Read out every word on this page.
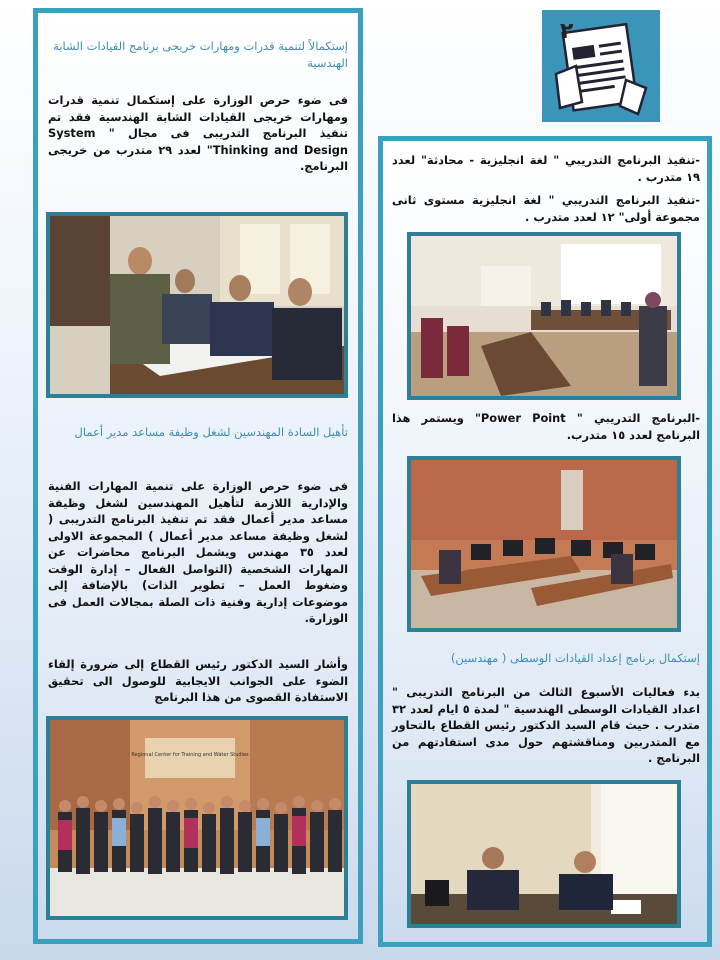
٢

إستكمالاً لتنمية قدرات ومهارات خريجى برنامج القيادات الشابة الهندسية

فى ضوء حرص الوزارة على إستكمال تنمية قدرات ومهارات خريجى القيادات الشابة الهندسية فقد تم تنفيذ البرنامج التدريبى فى مجال " System Thinking and Design" لعدد ٢٩ متدرب من خريجى البرنامج.

تأهيل السادة المهندسين لشغل وظيفة مساعد مدير أعمال

فى ضوء حرص الوزارة على تنمية المهارات الفنية والإدارية اللازمة لتأهيل المهندسين لشغل وظيفة مساعد مدير أعمال فقد تم تنفيذ البرنامج التدريبى ( لشغل وظيفة مساعد مدير أعمال ) المجموعة الاولى لعدد ٣٥ مهندس ويشمل البرنامج محاضرات عن المهارات الشخصية (التواصل الفعال – إدارة الوقت وضغوط العمل – تطوير الذات) بالإضافة إلى موضوعات إدارية وفنية ذات الصلة بمجالات العمل فى الوزارة.

وأشار السيد الدكتور رئيس القطاع إلى ضرورة إلقاء الضوء على الجوانب الايجابية للوصول الى تحقيق الاستفادة القصوى من هذا البرنامج

Regional Center for Training and Water Studies

-تنفيذ البرنامج التدريبي " لغة انجليزية - محادثة" لعدد ١٩ متدرب .

-تنفيذ البرنامج التدريبي " لغة انجليزية مستوى ثانى مجموعة أولى" ١٢ لعدد متدرب .

-البرنامج التدريبي " Power Point" ويستمر هذا البرنامج لعدد ١٥ متدرب.

إستكمال برنامج إعداد القيادات الوسطى ( مهندسين)

بدء فعاليات الأسبوع الثالث من البرنامج التدريبى " اعداد القيادات الوسطى الهندسية " لمدة ٥ ايام لعدد ٣٢ متدرب . حيث قام السيد الدكتور رئيس القطاع بالتحاور مع المتدربين ومناقشتهم حول مدى استفادتهم من البرنامج .
